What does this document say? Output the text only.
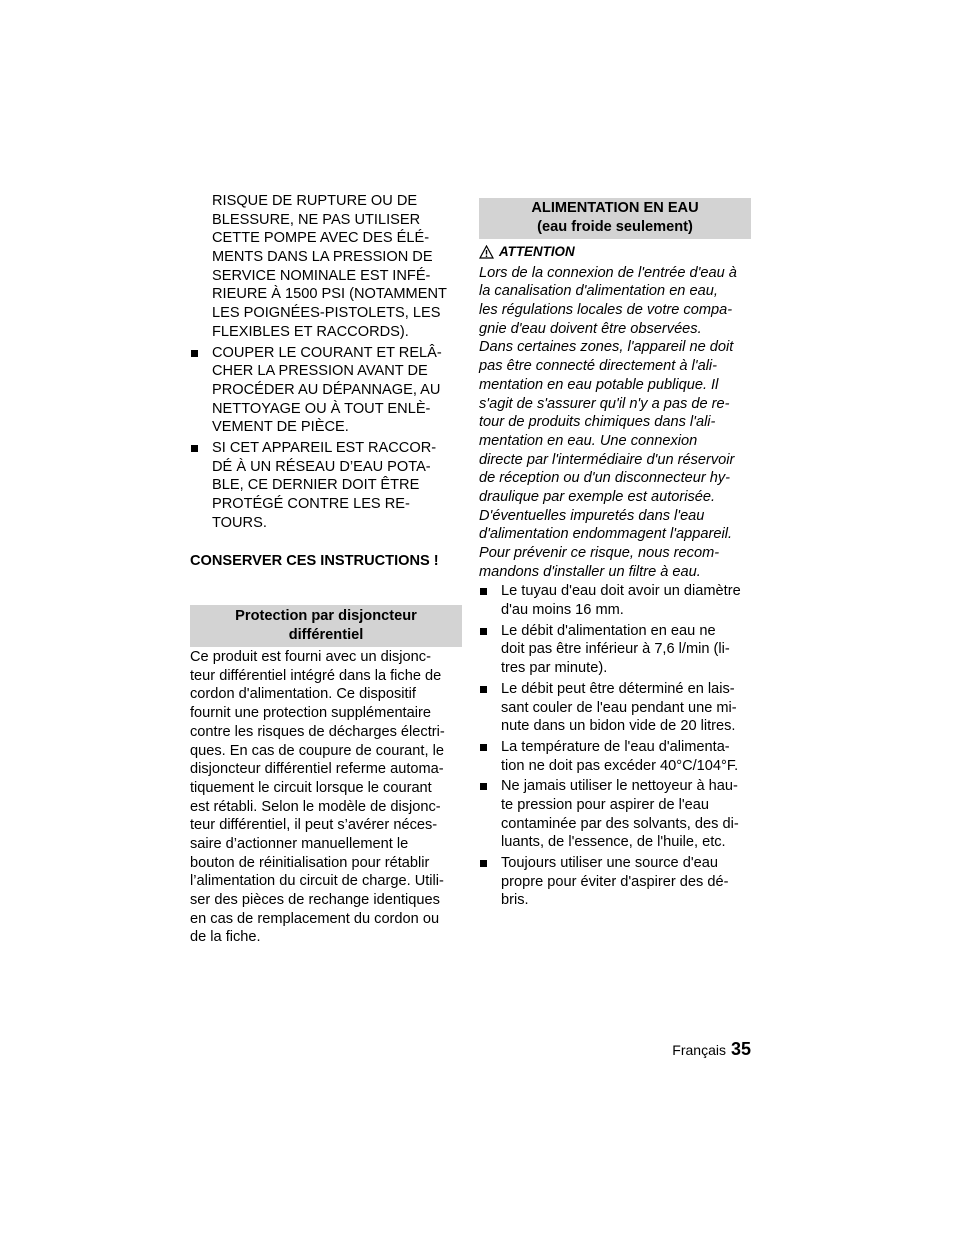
RISQUE DE RUPTURE OU DE
BLESSURE, NE PAS UTILISER
CETTE POMPE AVEC DES ÉLÉ-
MENTS DANS LA PRESSION DE
SERVICE NOMINALE EST INFÉ-
RIEURE À 1500 PSI (NOTAMMENT
LES POIGNÉES-PISTOLETS, LES
FLEXIBLES ET RACCORDS).
COUPER LE COURANT ET RELÂ-
CHER LA PRESSION AVANT DE
PROCÉDER AU DÉPANNAGE, AU
NETTOYAGE OU À TOUT ENLÈ-
VEMENT DE PIÈCE.
SI CET APPAREIL EST RACCOR-
DÉ À UN RÉSEAU D’EAU POTA-
BLE, CE DERNIER DOIT ÊTRE
PROTÉGÉ CONTRE LES RE-
TOURS.
CONSERVER CES INSTRUCTIONS !
Protection par disjoncteur
différentiel
Ce produit est fourni avec un disjonc-
teur différentiel intégré dans la fiche de
cordon d'alimentation. Ce dispositif
fournit une protection supplémentaire
contre les risques de décharges électri-
ques. En cas de coupure de courant, le
disjoncteur différentiel referme automa-
tiquement le circuit lorsque le courant
est rétabli. Selon le modèle de disjonc-
teur différentiel, il peut s’avérer néces-
saire d’actionner manuellement le
bouton de réinitialisation pour rétablir
l’alimentation du circuit de charge. Utili-
ser des pièces de rechange identiques
en cas de remplacement du cordon ou
de la fiche.
ALIMENTATION EN EAU
(eau froide seulement)
ATTENTION
Lors de la connexion de l'entrée d'eau à
la canalisation d'alimentation en eau,
les régulations locales de votre compa-
gnie d'eau doivent être observées.
Dans certaines zones, l'appareil ne doit
pas être connecté directement à l'ali-
mentation en eau potable publique. Il
s'agit de s'assurer qu'il n'y a pas de re-
tour de produits chimiques dans l'ali-
mentation en eau. Une connexion
directe par l'intermédiaire d'un réservoir
de réception ou d'un disconnecteur hy-
draulique par exemple est autorisée.
D'éventuelles impuretés dans l'eau
d'alimentation endommagent l'appareil.
Pour prévenir ce risque, nous recom-
mandons d'installer un filtre à eau.
Le tuyau d'eau doit avoir un diamètre
d'au moins 16 mm.
Le débit d'alimentation en eau ne
doit pas être inférieur à 7,6 l/min (li-
tres par minute).
Le débit peut être déterminé en lais-
sant couler de l'eau pendant une mi-
nute dans un bidon vide de 20 litres.
La température de l'eau d'alimenta-
tion ne doit pas excéder 40°C/104°F.
Ne jamais utiliser le nettoyeur à hau-
te pression pour aspirer de l'eau
contaminée par des solvants, des di-
luants, de l'essence, de l'huile, etc.
Toujours utiliser une source d'eau
propre pour éviter d'aspirer des dé-
bris.
Français 35
